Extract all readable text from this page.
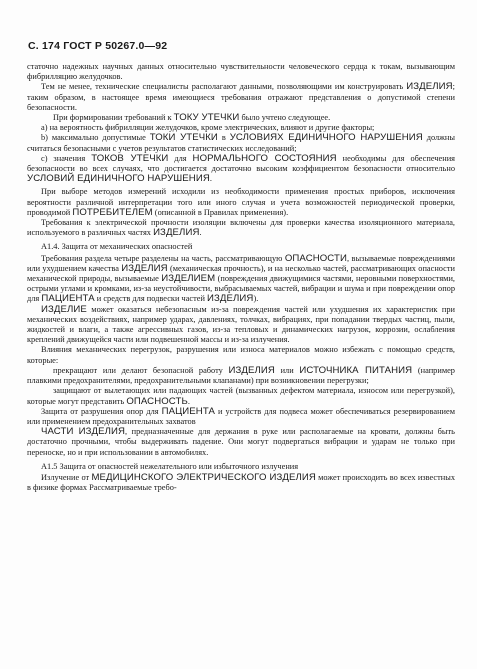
С. 174 ГОСТ Р 50267.0—92

статочно надежных научных данных относительно чувствительности человеческого сердца к токам, вызывающим фибрилляцию желудочков.

Тем не менее, технические специалисты располагают данными, позволяющими им конструировать ИЗДЕЛИЯ; таким образом, в настоящее время имеющиеся требования отражают представления о допустимой степени безопасности.

При формировании требований к ТОКУ УТЕЧКИ было учтено следующее.

a) на вероятность фибрилляции желудочков, кроме электрических, влияют и другие факторы;

b) максимально допустимые ТОКИ УТЕЧКИ в УСЛОВИЯХ ЕДИНИЧНОГО НАРУШЕНИЯ должны считаться безопасными с учетов результатов статистических исследований;

c) значения ТОКОВ УТЕЧКИ для НОРМАЛЬНОГО СОСТОЯНИЯ необходимы для обеспечения безопасности во всех случаях, что достигается достаточно высоким коэффициентом безопасности относительно УСЛОВИЙ ЕДИНИЧНОГО НАРУШЕНИЯ.

При выборе методов измерений исходили из необходимости применения простых приборов, исключения вероятности различной интерпретации того или иного случая и учета возможностей периодической проверки, проводимой ПОТРЕБИТЕЛЕМ (описанной в Правилах применения).

Требования к электрической прочности изоляции включены для проверки качества изоляционного материала, используемого в различных частях ИЗДЕЛИЯ.

A1.4. Защита от механических опасностей

Требования раздела четыре разделены на часть, рассматривающую ОПАСНОСТИ, вызываемые повреждениями или ухудшением качества ИЗДЕЛИЯ (механическая прочность), и на несколько частей, рассматривающих опасности механической природы, вызываемые ИЗДЕЛИЕМ (повреждения движущимися частями, неровными поверхностями, острыми углами и кромками, из-за неустойчивости, выбрасываемых частей, вибрации и шума и при повреждении опор для ПАЦИЕНТА и средств для подвески частей ИЗДЕЛИЯ).

ИЗДЕЛИЕ может оказаться небезопасным из-за повреждения частей или ухудшения их характеристик при механических воздействиях, например ударах, давлениях, толчках, вибрациях, при попадании твердых частиц, пыли, жидкостей и влаги, а также агрессивных газов, из-за тепловых и динамических нагрузок, коррозии, ослабления креплений движущейся части или подвешенной массы и из-за излучения.

Влияния механических перегрузок, разрушения или износа материалов можно избежать с помощью средств, которые:

прекращают или делают безопасной работу ИЗДЕЛИЯ или ИСТОЧНИКА ПИТАНИЯ (например плавкими предохранителями, предохранительными клапанами) при возникновении перегрузки;

защищают от вылетающих или падающих частей (вызванных дефектом материала, износом или перегрузкой), которые могут представить ОПАСНОСТЬ.

Защита от разрушения опор для ПАЦИЕНТА и устройств для подвеса может обеспечиваться резервированием или применением предохранительных захватов

ЧАСТИ ИЗДЕЛИЯ, предназначенные для держания в руке или располагаемые на кровати, должны быть достаточно прочными, чтобы выдерживать падение. Они могут подвергаться вибрации и ударам не только при переноске, но и при использовании в автомобилях.

A1.5 Защита от опасностей нежелательного или избыточного излучения

Излучение от МЕДИЦИНСКОГО ЭЛЕКТРИЧЕСКОГО ИЗДЕЛИЯ может происходить во всех известных в физике формах Рассматриваемые требо-
